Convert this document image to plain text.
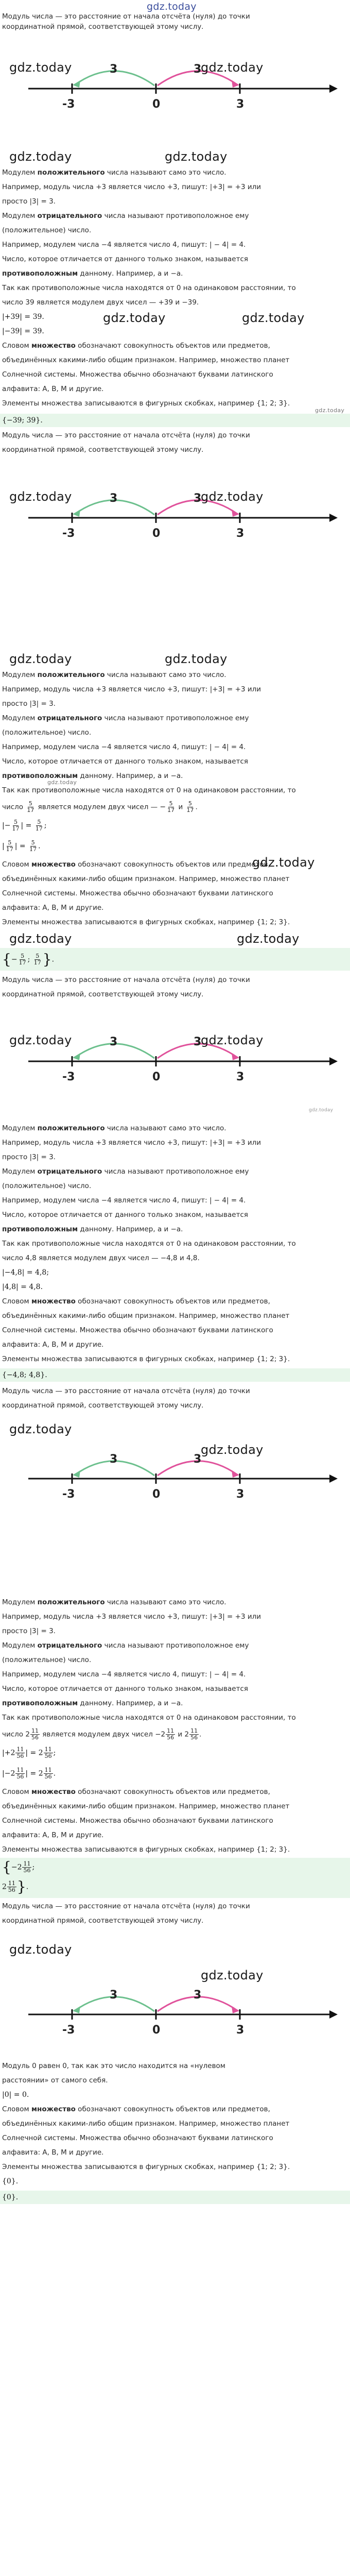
gdz.today
Модуль числа — это расстояние от начала отсчёта (нуля) до точки
координатной прямой, соответствующей этому числу.
gdz.today	gdz.today
3	3
-3	0	3
gdz.today	gdz.today
Модулем положительного числа называют само это число.
Например, модуль числа +3 является число +3, пишут: |+3| = +3 или
просто |3| = 3.
Модулем отрицательного числа называют противоположное ему
(положительное) число.
Например, модулем числа −4 является число 4, пишут: | − 4| = 4.
Число, которое отличается от данного только знаком, называется
противоположным данному. Например, a и −a.
Так как противоположные числа находятся от 0 на одинаковом расстоянии, то
число 39 является модулем двух чисел — +39 и −39.
|+39| = 39.	gdz.today	gdz.today
|−39| = 39.
Словом множество обозначают совокупность объектов или предметов,
объединённых какими-либо общим признаком. Например, множество планет
Солнечной системы. Множества обычно обозначают буквами латинского
алфавита: A, B, M и другие.
Элементы множества записываются в фигурных скобках, например {1; 2; 3}.
gdz.today
{−39; 39}.
Модуль числа — это расстояние от начала отсчёта (нуля) до точки
координатной прямой, соответствующей этому числу.
gdz.today	gdz.today
3	3
-3	0	3
gdz.today	gdz.today
Модулем положительного числа называют само это число.
Например, модуль числа +3 является число +3, пишут: |+3| = +3 или
просто |3| = 3.
Модулем отрицательного числа называют противоположное ему
(положительное) число.
Например, модулем числа −4 является число 4, пишут: | − 4| = 4.
Число, которое отличается от данного только знаком, называется
противоположным данному. Например, a и −a.
gdz.today
Так как противоположные числа находятся от 0 на одинаковом расстоянии, то
число $\frac{5}{17}$ является модулем двух чисел — − $\frac{5}{17}$ и $\frac{5}{17}$ .
|− $\frac{5}{17}$ | = $\frac{5}{17}$ ;
| $\frac{5}{17}$ | = $\frac{5}{17}$ .
Словом множество обозначают совокупность объектов или предметов,
gdz.today
объединённых какими-либо общим признаком. Например, множество планет
Солнечной системы. Множества обычно обозначают буквами латинского
алфавита: A, B, M и другие.
Элементы множества записываются в фигурных скобках, например {1; 2; 3}.
gdz.today	gdz.today
{− $\frac{5}{17}$ ; $\frac{5}{17}$ }.
Модуль числа — это расстояние от начала отсчёта (нуля) до точки
координатной прямой, соответствующей этому числу.
gdz.today	gdz.today
3	3
-3	0	3
gdz.today
Модулем положительного числа называют само это число.
Например, модуль числа +3 является число +3, пишут: |+3| = +3 или
просто |3| = 3.
Модулем отрицательного числа называют противоположное ему
(положительное) число.
Например, модулем числа −4 является число 4, пишут: | − 4| = 4.
Число, которое отличается от данного только знаком, называется
противоположным данному. Например, a и −a.
Так как противоположные числа находятся от 0 на одинаковом расстоянии, то
число 4,8 является модулем двух чисел — −4,8 и 4,8.
|−4,8| = 4,8;
|4,8| = 4,8.
Словом множество обозначают совокупность объектов или предметов,
объединённых какими-либо общим признаком. Например, множество планет
Солнечной системы. Множества обычно обозначают буквами латинского
алфавита: A, B, M и другие.
Элементы множества записываются в фигурных скобках, например {1; 2; 3}.
{−4,8; 4,8}.
Модуль числа — это расстояние от начала отсчёта (нуля) до точки
координатной прямой, соответствующей этому числу.
gdz.today
gdz.today
3	3
-3	0	3
Модулем положительного числа называют само это число.
Например, модуль числа +3 является число +3, пишут: |+3| = +3 или
просто |3| = 3.
Модулем отрицательного числа называют противоположное ему
(положительное) число.
Например, модулем числа −4 является число 4, пишут: | − 4| = 4.
Число, которое отличается от данного только знаком, называется
противоположным данному. Например, a и −a.
Так как противоположные числа находятся от 0 на одинаковом расстоянии, то
число $2 \frac{11}{56}$ является модулем двух чисел $-2 \frac{11}{56}$ и $2 \frac{11}{56}$ .
$|+2 \frac{11}{56}$ | = $2 \frac{11}{56}$ ;
$|-2 \frac{11}{56}$ | = $2 \frac{11}{56}$ .
Словом множество обозначают совокупность объектов или предметов,
объединённых какими-либо общим признаком. Например, множество планет
Солнечной системы. Множества обычно обозначают буквами латинского
алфавита: A, B, M и другие.
Элементы множества записываются в фигурных скобках, например {1; 2; 3}.
{$-2 \frac{11}{56}$ ;
$2 \frac{11}{56}$ }.
Модуль числа — это расстояние от начала отсчёта (нуля) до точки
координатной прямой, соответствующей этому числу.
gdz.today
gdz.today
3	3
-3	0	3
Модуль 0 равен 0, так как это число находится на «нулевом
расстоянии» от самого себя.
|0| = 0.
Словом множество обозначают совокупность объектов или предметов,
объединённых какими-либо общим признаком. Например, множество планет
Солнечной системы. Множества обычно обозначают буквами латинского
алфавита: A, B, M и другие.
Элементы множества записываются в фигурных скобках, например {1; 2; 3}.
{0}.
{0}.
